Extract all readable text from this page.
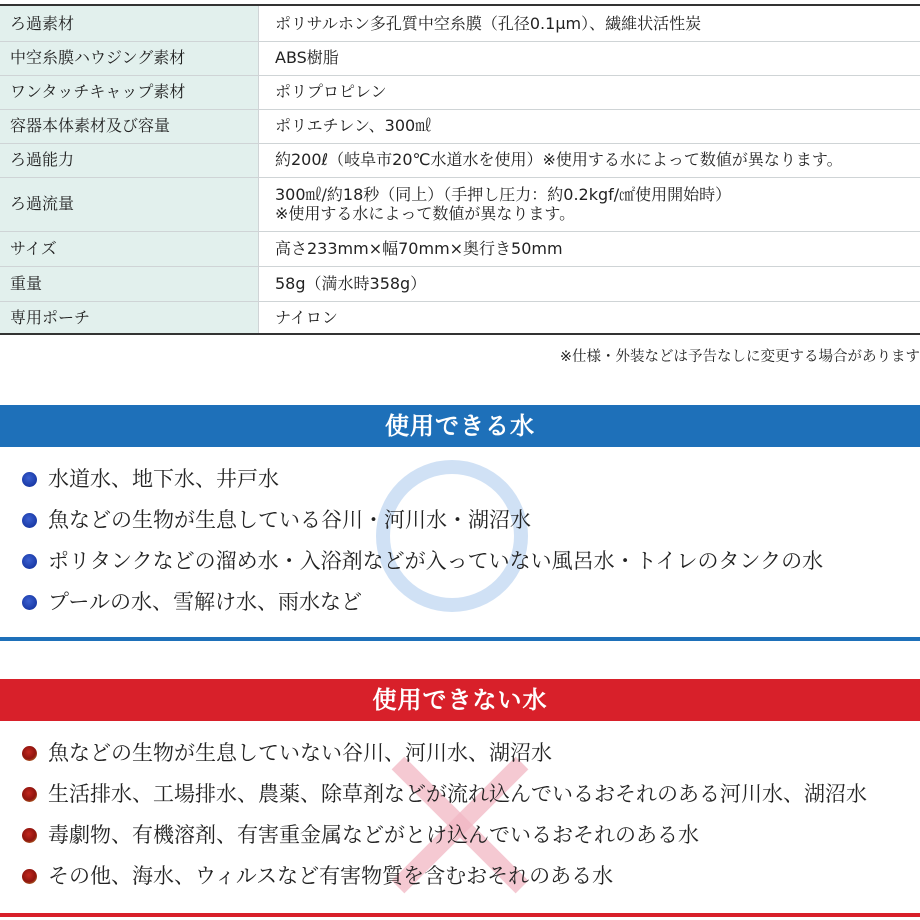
ろ過素材	ポリサルホン多孔質中空糸膜（孔径0.1μm）、繊維状活性炭

中空糸膜ハウジング素材	ABS樹脂

ワンタッチキャップ素材	ポリプロピレン

容器本体素材及び容量	ポリエチレン、300㎖

ろ過能力	約200ℓ（岐阜市20℃水道水を使用）※使用する水によって数値が異なります。

ろ過流量	300㎖/約18秒（同上）（手押し圧力：約0.2kgf/㎠使用開始時）
※使用する水によって数値が異なります。

サイズ	高さ233mm×幅70mm×奥行き50mm

重量	58g（満水時358g）

専用ポーチ	ナイロン
※仕様・外装などは予告なしに変更する場合があります
使用できる水
水道水、地下水、井戸水
魚などの生物が生息している谷川・河川水・湖沼水
ポリタンクなどの溜め水・入浴剤などが入っていない風呂水・トイレのタンクの水
プールの水、雪解け水、雨水など
使用できない水
魚などの生物が生息していない谷川、河川水、湖沼水
生活排水、工場排水、農薬、除草剤などが流れ込んでいるおそれのある河川水、湖沼水
毒劇物、有機溶剤、有害重金属などがとけ込んでいるおそれのある水
その他、海水、ウィルスなど有害物質を含むおそれのある水
